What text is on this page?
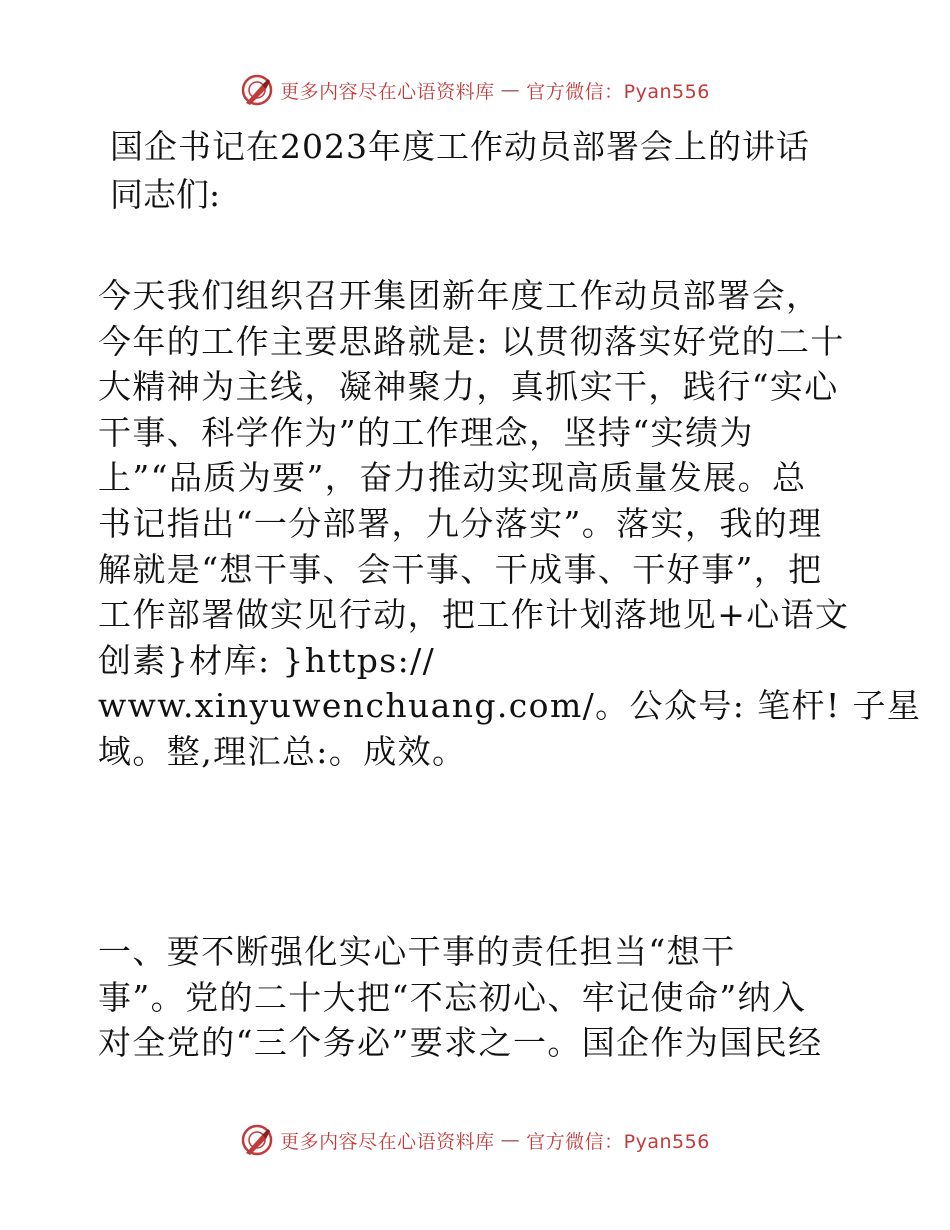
更多内容尽在心语资料库 — 官方微信：Pyan556
国企书记在2023年度工作动员部署会上的讲话
同志们:
今天我们组织召开集团新年度工作动员部署会，
今年的工作主要思路就是: 以贯彻落实好党的二十
大精神为主线，凝神聚力，真抓实干，践行“实心
干事、科学作为”的工作理念，坚持“实绩为
上”“品质为要”，奋力推动实现高质量发展。总
书记指出“一分部署，九分落实”。落实，我的理
解就是“想干事、会干事、干成事、干好事”，把
工作部署做实见行动，把工作计划落地见+心语文
创素}材库: }https://
www.xinyuwenchuang.com/。公众号: 笔杆! 子星
域。整,理汇总:。成效。
一、要不断强化实心干事的责任担当“想干
事”。党的二十大把“不忘初心、牢记使命”纳入
对全党的“三个务必”要求之一。国企作为国民经
更多内容尽在心语资料库 — 官方微信：Pyan556
